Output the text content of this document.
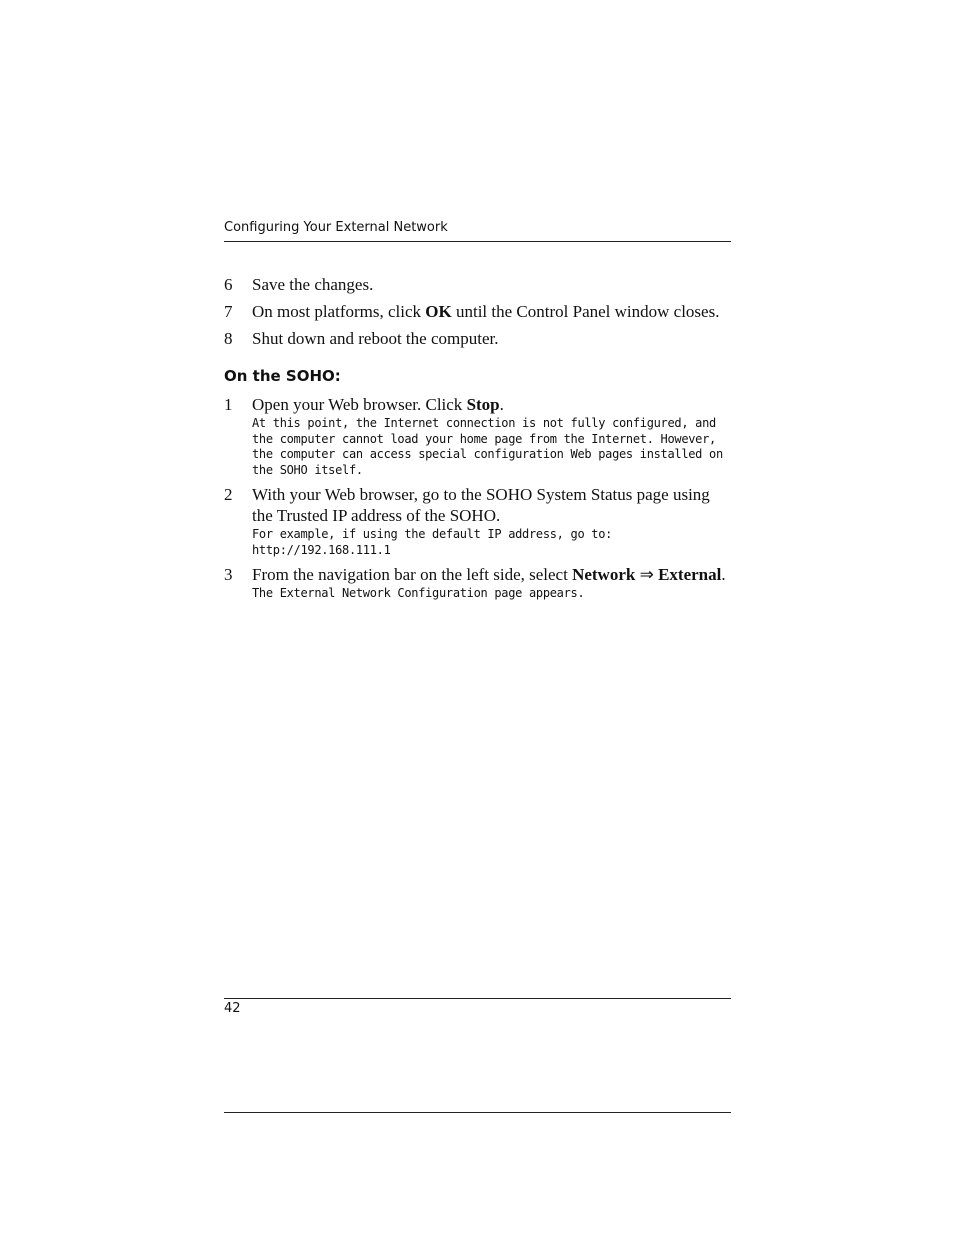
Configuring Your External Network
6 Save the changes.
7 On most platforms, click OK until the Control Panel window closes.
8 Shut down and reboot the computer.
On the SOHO:
1 Open your Web browser. Click Stop.
At this point, the Internet connection is not fully configured, and the computer cannot load your home page from the Internet. However, the computer can access special configuration Web pages installed on the SOHO itself.
2 With your Web browser, go to the SOHO System Status page using the Trusted IP address of the SOHO.
For example, if using the default IP address, go to: http://192.168.111.1
3 From the navigation bar on the left side, select Network ⇒ External.
The External Network Configuration page appears.
42
